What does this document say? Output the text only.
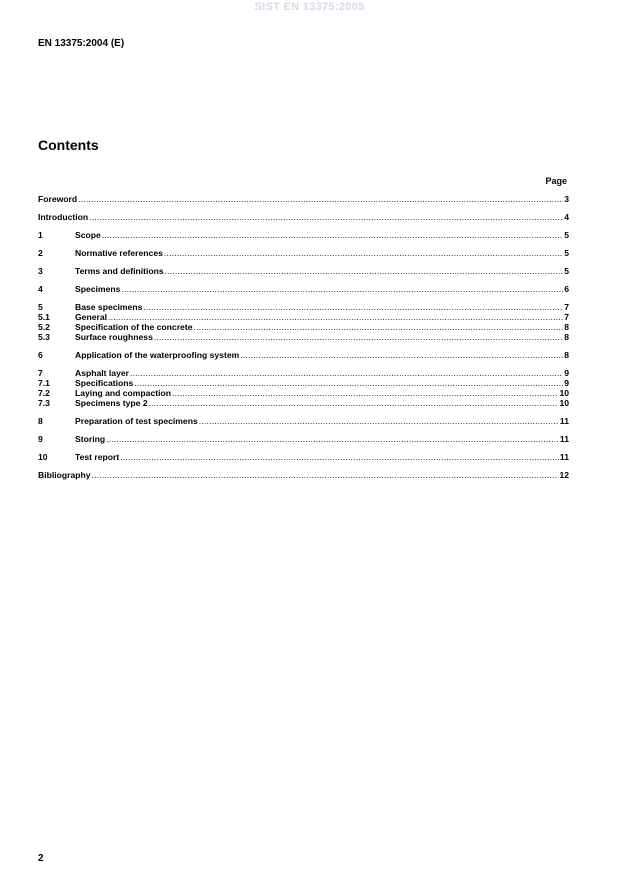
SIST EN 13375:2005
EN 13375:2004 (E)
Contents
Page
Foreword .....	3
Introduction .....	4
1	Scope .....	5
2	Normative references .....	5
3	Terms and definitions .....	5
4	Specimens .....	6
5	Base specimens .....	7
5.1	General .....	7
5.2	Specification of the concrete .....	8
5.3	Surface roughness .....	8
6	Application of the waterproofing system .....	8
7	Asphalt layer .....	9
7.1	Specifications .....	9
7.2	Laying and compaction .....	10
7.3	Specimens type 2 .....	10
8	Preparation of test specimens .....	11
9	Storing .....	11
10	Test report .....	11
Bibliography .....	12
2
